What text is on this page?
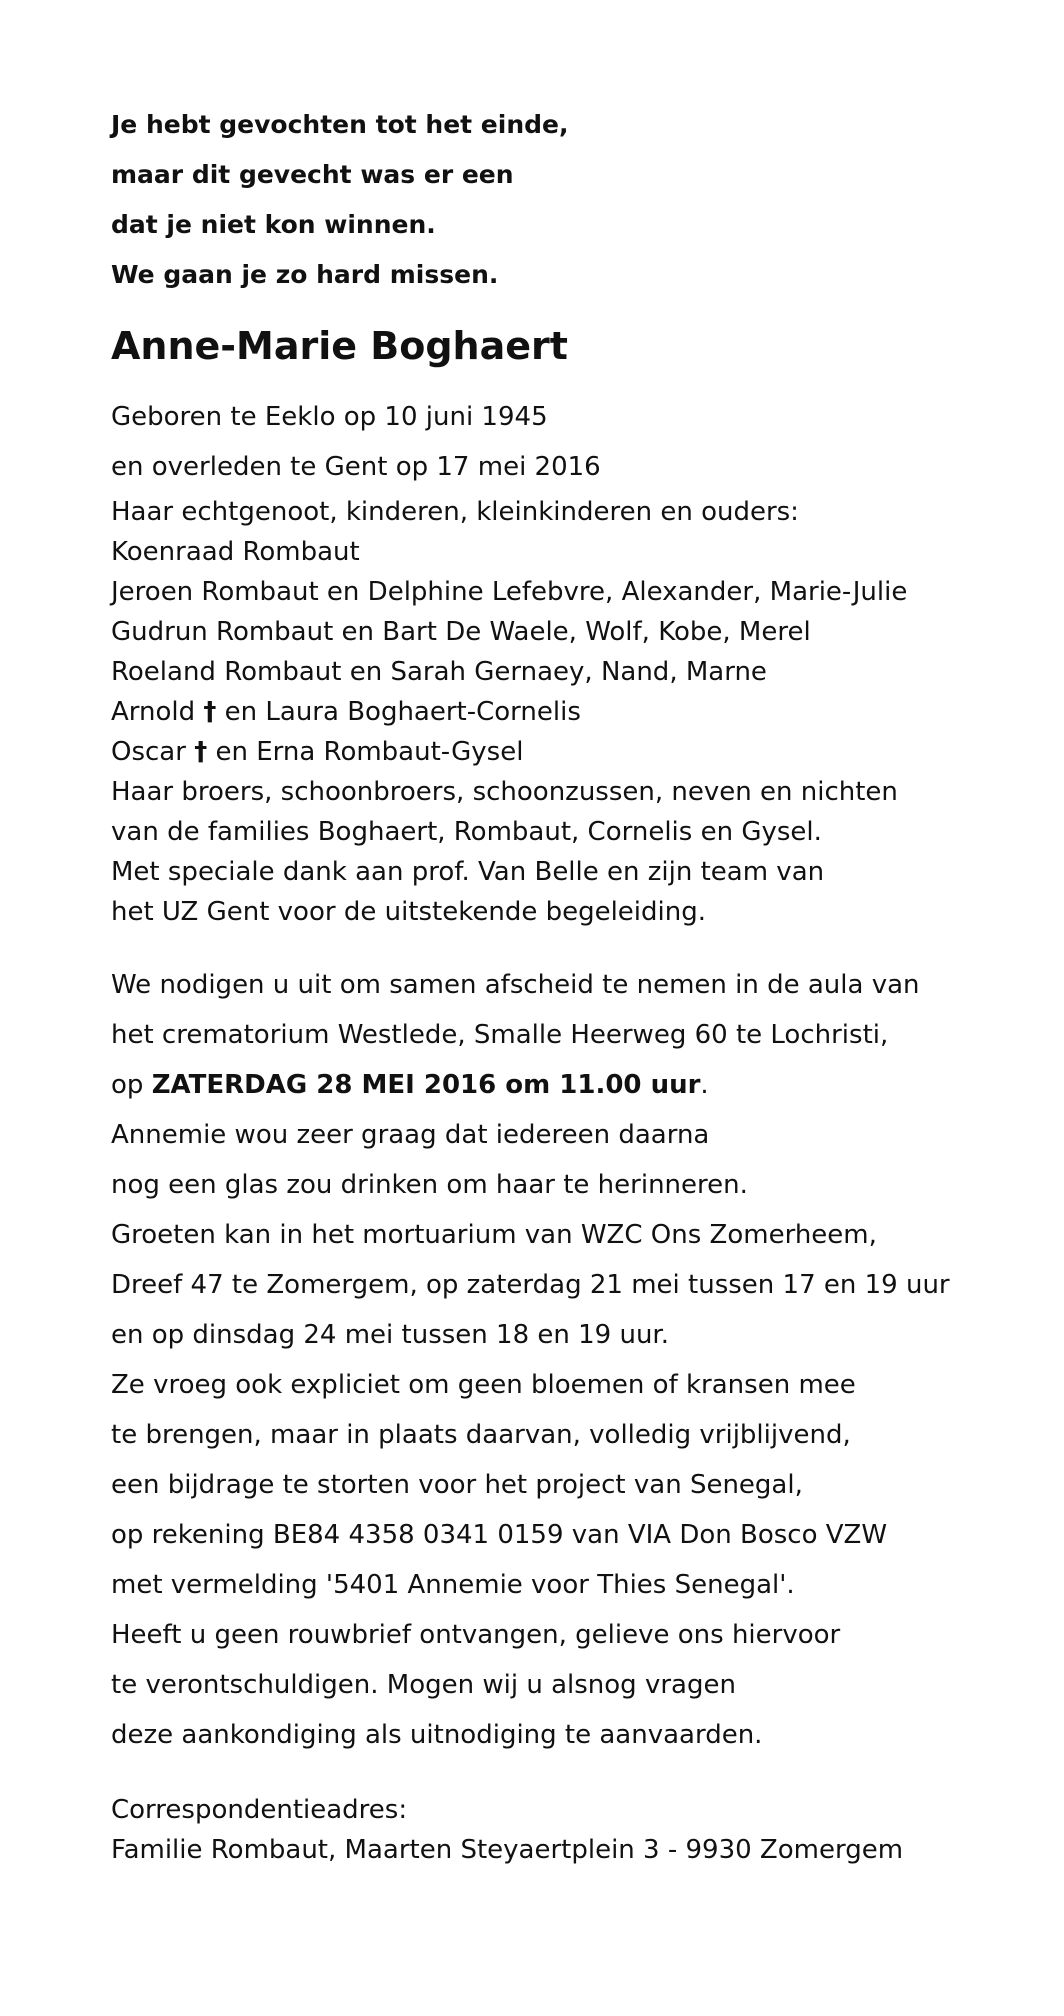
Je hebt gevochten tot het einde,
maar dit gevecht was er een
dat je niet kon winnen.
We gaan je zo hard missen.
Anne-Marie Boghaert
Geboren te Eeklo op 10 juni 1945
en overleden te Gent op 17 mei 2016
Haar echtgenoot, kinderen, kleinkinderen en ouders:
Koenraad Rombaut
Jeroen Rombaut en Delphine Lefebvre, Alexander, Marie-Julie
Gudrun Rombaut en Bart De Waele, Wolf, Kobe, Merel
Roeland Rombaut en Sarah Gernaey, Nand, Marne
Arnold † en Laura Boghaert-Cornelis
Oscar † en Erna Rombaut-Gysel
Haar broers, schoonbroers, schoonzussen, neven en nichten
van de families Boghaert, Rombaut, Cornelis en Gysel.
Met speciale dank aan prof. Van Belle en zijn team van
het UZ Gent voor de uitstekende begeleiding.
We nodigen u uit om samen afscheid te nemen in de aula van
het crematorium Westlede, Smalle Heerweg 60 te Lochristi,
op ZATERDAG 28 MEI 2016 om 11.00 uur.
Annemie wou zeer graag dat iedereen daarna
nog een glas zou drinken om haar te herinneren.
Groeten kan in het mortuarium van WZC Ons Zomerheem,
Dreef 47 te Zomergem, op zaterdag 21 mei tussen 17 en 19 uur
en op dinsdag 24 mei tussen 18 en 19 uur.
Ze vroeg ook expliciet om geen bloemen of kransen mee
te brengen, maar in plaats daarvan, volledig vrijblijvend,
een bijdrage te storten voor het project van Senegal,
op rekening BE84 4358 0341 0159 van VIA Don Bosco VZW
met vermelding '5401 Annemie voor Thies Senegal'.
Heeft u geen rouwbrief ontvangen, gelieve ons hiervoor
te verontschuldigen. Mogen wij u alsnog vragen
deze aankondiging als uitnodiging te aanvaarden.
Correspondentieadres:
Familie Rombaut, Maarten Steyaertplein 3 - 9930 Zomergem
